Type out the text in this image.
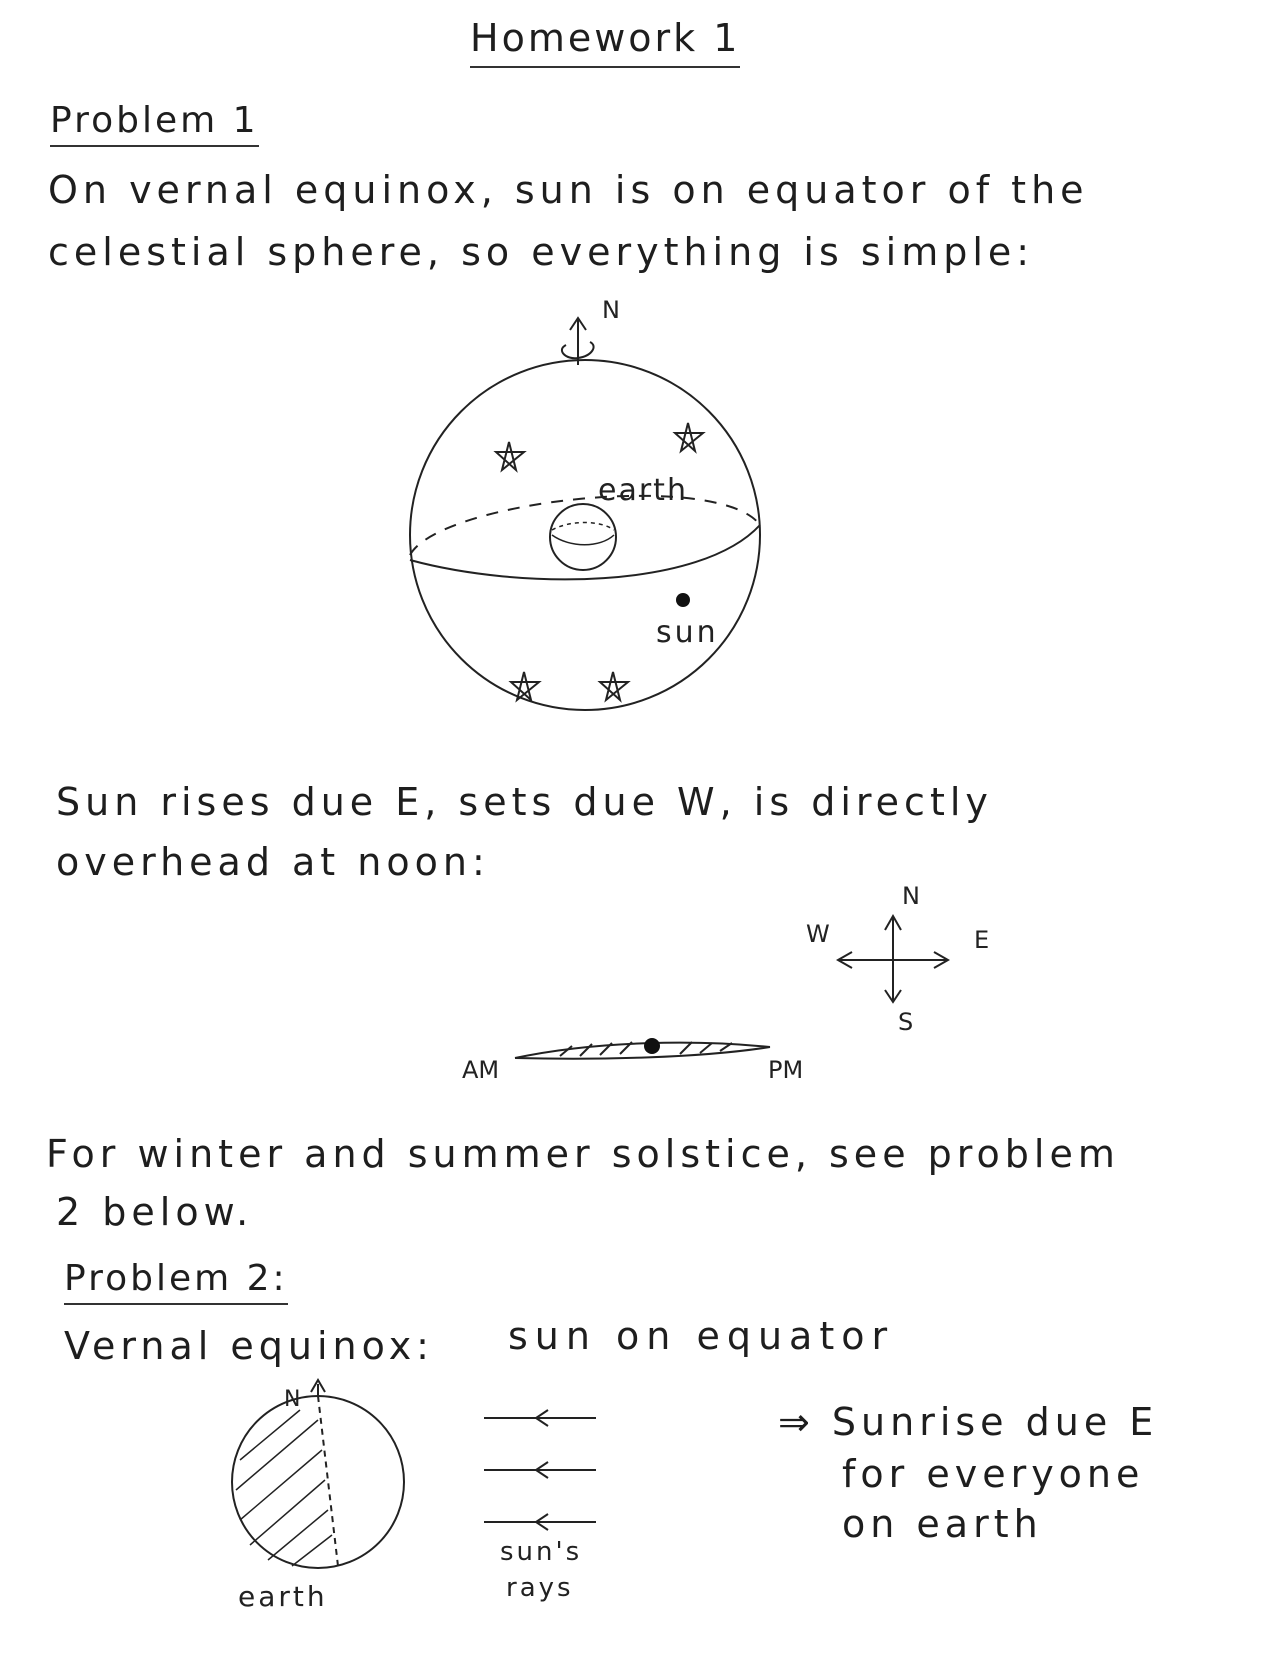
Homework 1
Problem 1
On vernal equinox, sun is on equator of the
celestial sphere, so everything is simple:
N
earth
sun
N
S
E
W
AM	PM
N
earth
sun's
rays
Sun rises due E, sets due W, is directly
overhead at noon:
For winter and summer solstice, see problem
2 below.
Problem 2:
Vernal equinox: sun on equator
⇒ Sunrise due E
for everyone
on earth
